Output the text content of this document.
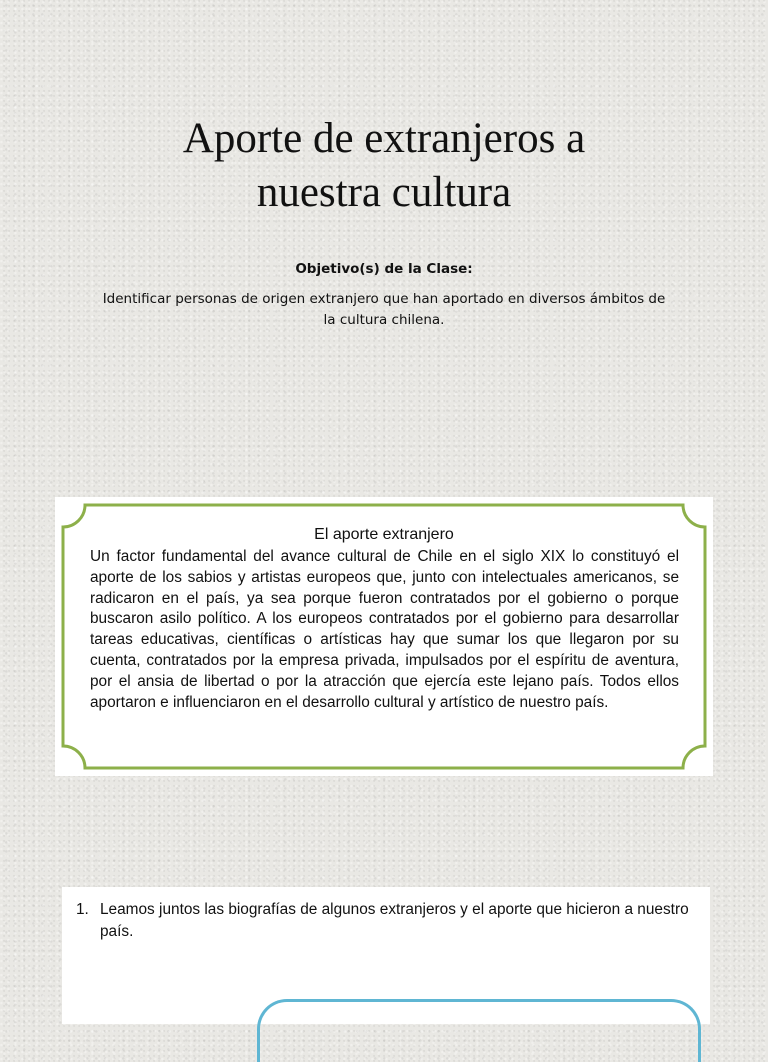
Aporte de extranjeros a
nuestra cultura
Objetivo(s) de la Clase:
Identificar personas de origen extranjero que han aportado en diversos ámbitos de la cultura chilena.
El aporte extranjero

Un factor fundamental del avance cultural de Chile en el siglo XIX lo constituyó el aporte de los sabios y artistas europeos que, junto con intelectuales americanos, se radicaron en el país, ya sea porque fueron contratados por el gobierno o porque buscaron asilo político. A los europeos contratados por el gobierno para desarrollar tareas educativas, científicas o artísticas hay que sumar los que llegaron por su cuenta, contratados por la empresa privada, impulsados por el espíritu de aventura, por el ansia de libertad o por la atracción que ejercía este lejano país. Todos ellos aportaron e influenciaron en el desarrollo cultural y artístico de nuestro país.

1. Leamos juntos las biografías de algunos extranjeros y el aporte que hicieron a nuestro país.
